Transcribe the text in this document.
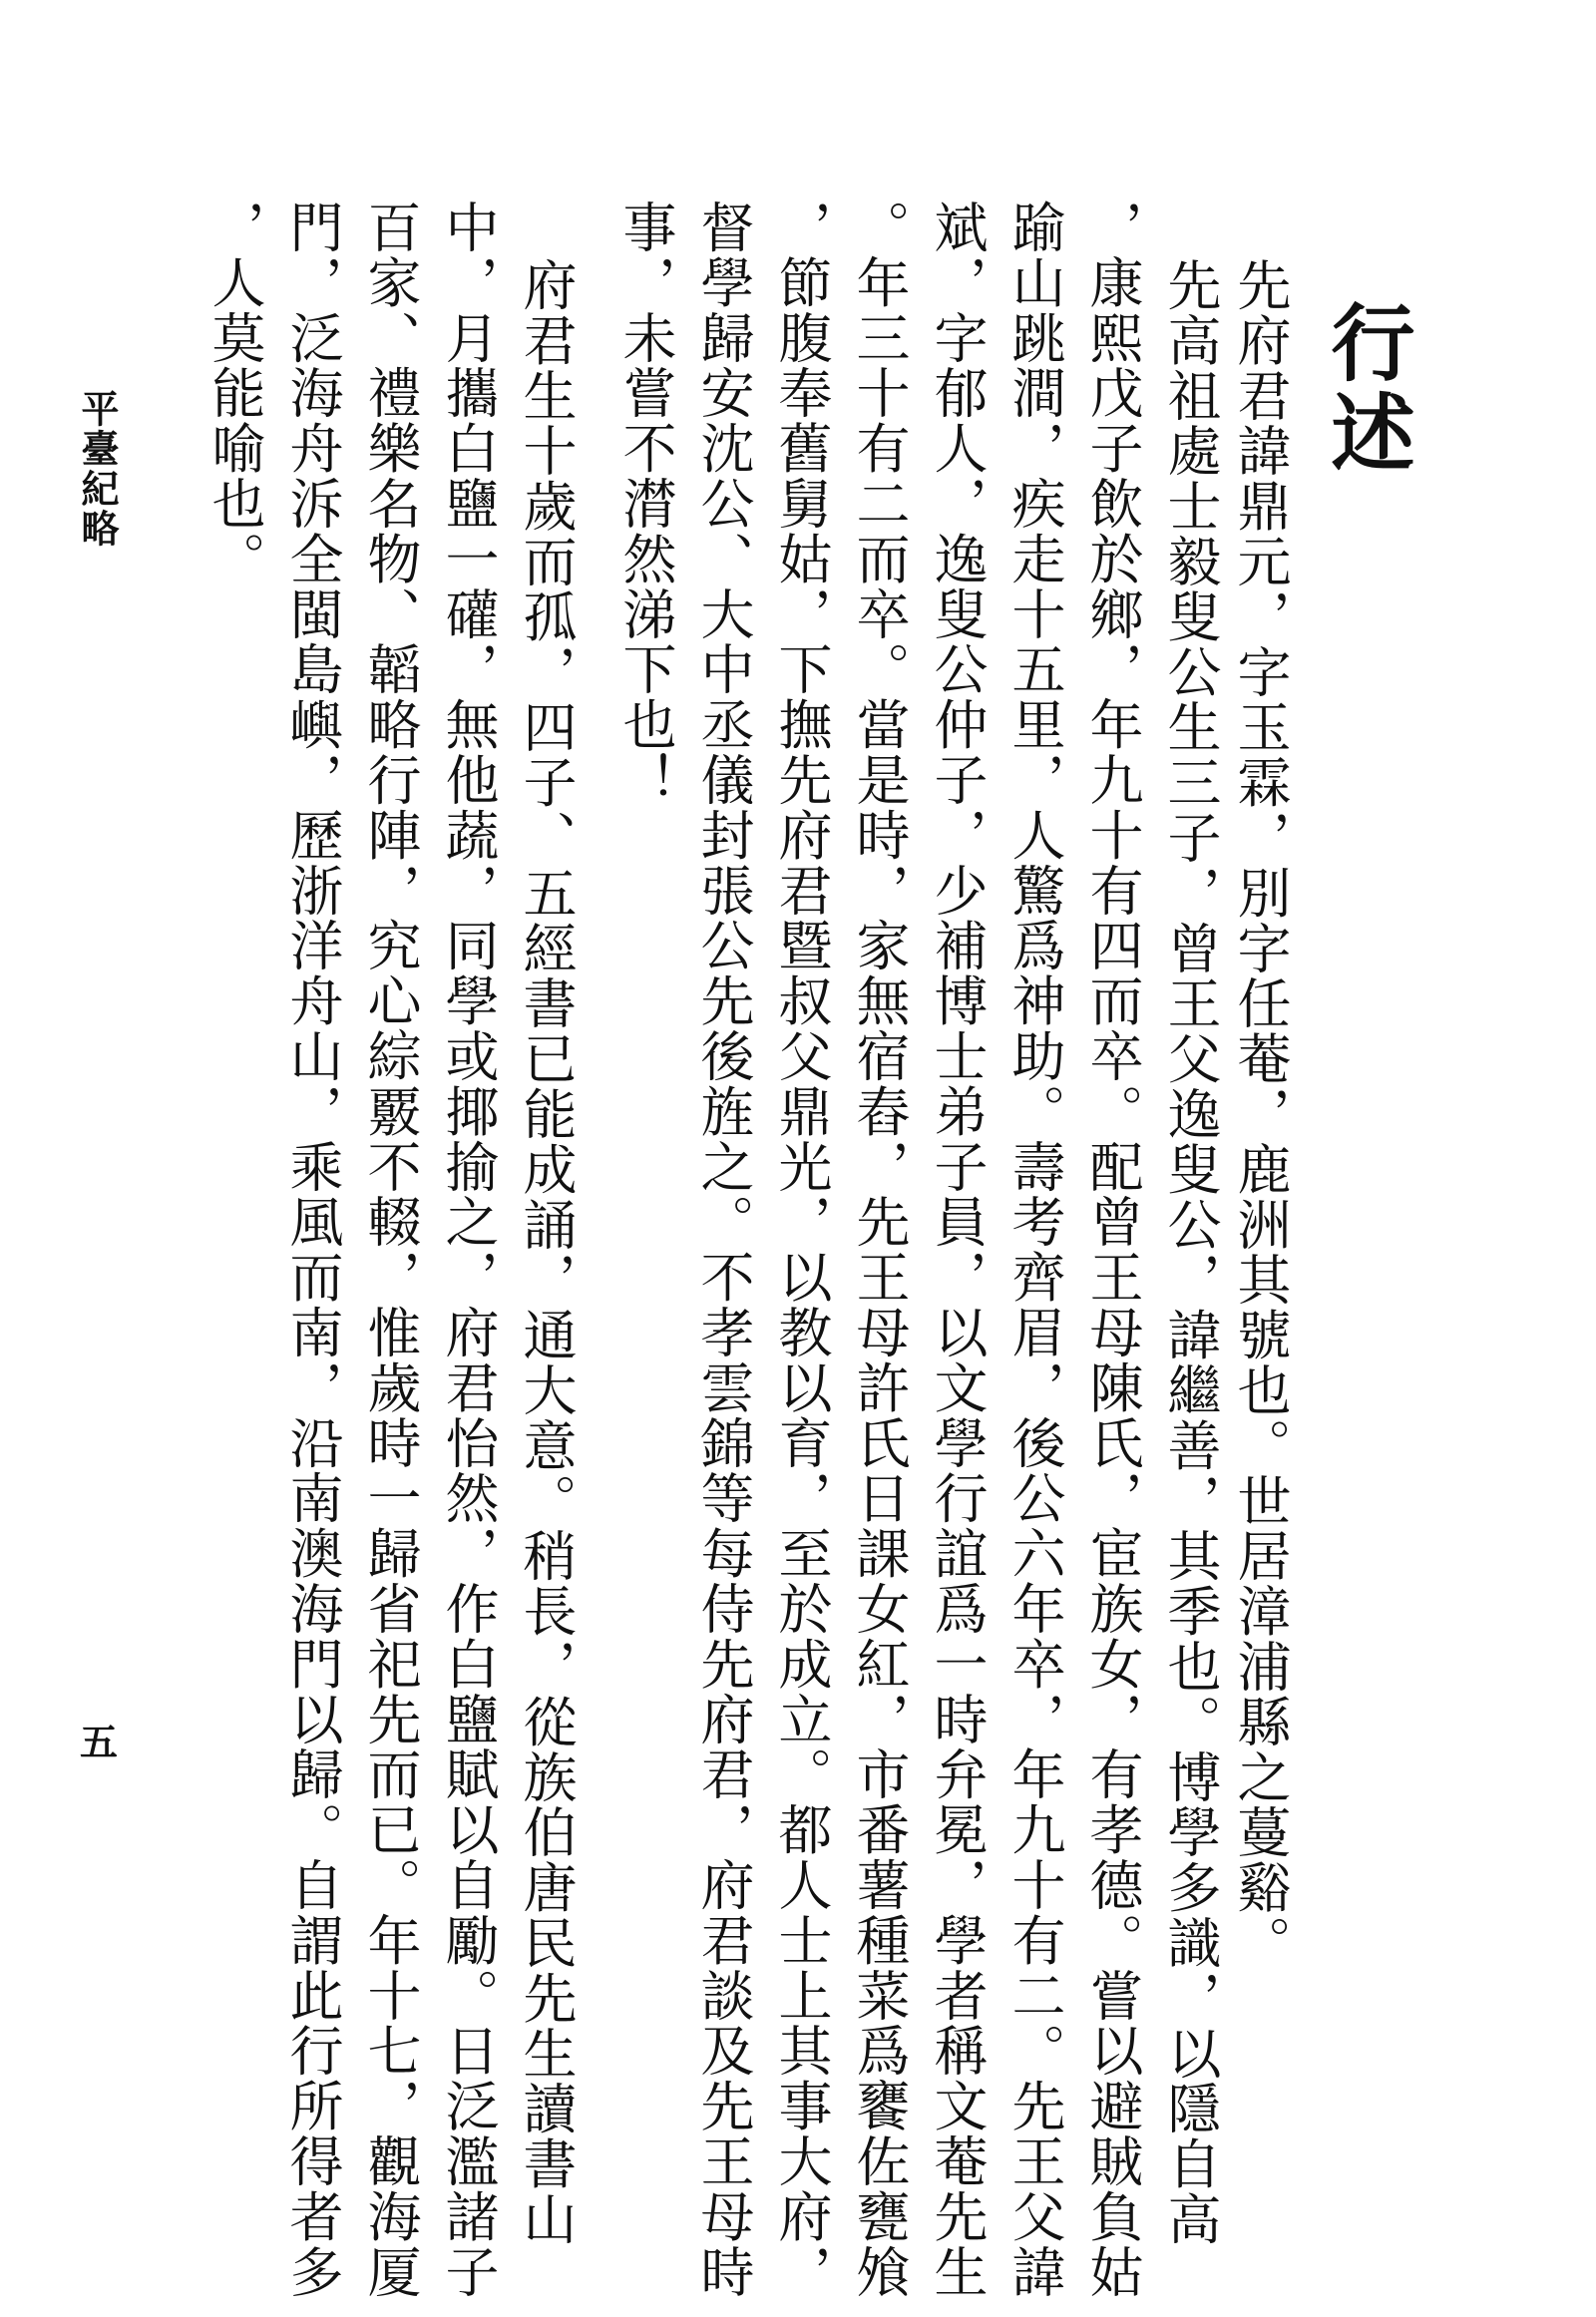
行述
先府君諱鼎元，字玉霖，別字任菴，鹿洲其號也。世居漳浦縣之蔓谿。
先高祖處士毅叟公生三子，曾王父逸叟公，諱繼善，其季也。博學多識，以隱自高
，康熙戊子飲於鄉，年九十有四而卒。配曾王母陳氏，宦族女，有孝德。嘗以避賊負姑
踰山跳澗，疾走十五里，人驚爲神助。壽考齊眉，後公六年卒，年九十有二。先王父諱
斌，字郁人，逸叟公仲子，少補博士弟子員，以文學行誼爲一時弁冕，學者稱文菴先生
。年三十有二而卒。當是時，家無宿舂，先王母許氏日課女紅，市番薯種菜爲饔佐甕飧
，節腹奉舊舅姑，下撫先府君暨叔父鼎光，以教以育，至於成立。都人士上其事大府，
督學歸安沈公、大中丞儀封張公先後旌之。不孝雲錦等每侍先府君，府君談及先王母時
事，未嘗不潸然涕下也！
府君生十歲而孤，四子、五經書已能成誦，通大意。稍長，從族伯唐民先生讀書山
中，月攜白鹽一礶，無他蔬，同學或揶揄之，府君怡然，作白鹽賦以自勵。日泛濫諸子
百家、禮樂名物、韜略行陣，究心綜覈不輟，惟歲時一歸省祀先而已。年十七，觀海厦
門，泛海舟泝全閩島嶼，歷浙洋舟山，乘風而南，沿南澳海門以歸。自謂此行所得者多
，人莫能喻也。
平臺紀略
五
